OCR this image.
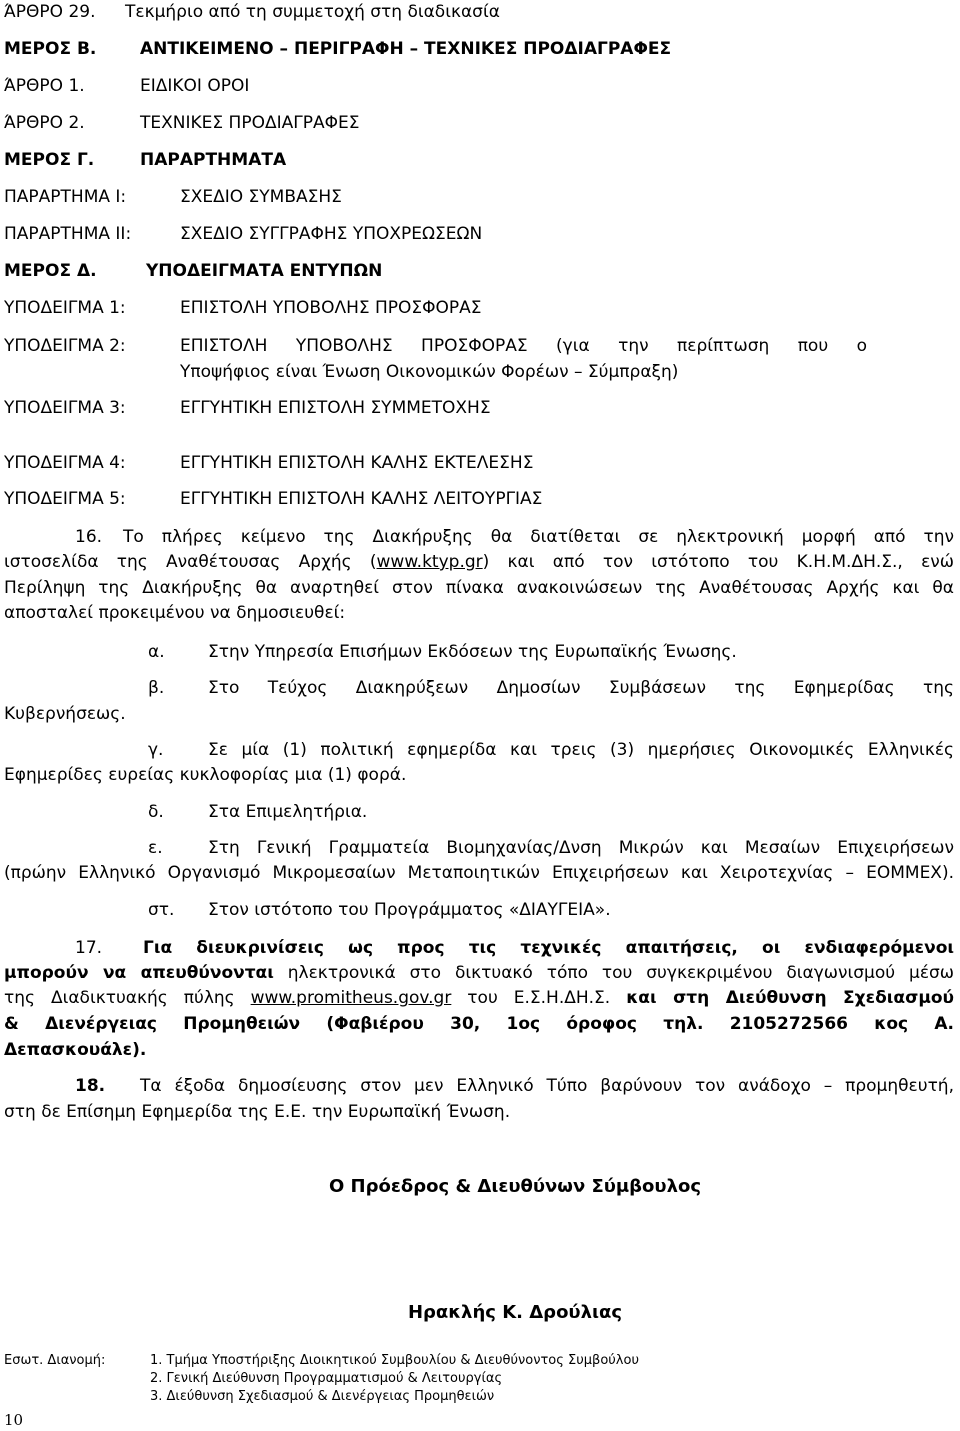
ΆΡΘΡΟ 29. Τεκμήριο από τη συμμετοχή στη διαδικασία
ΜΕΡΟΣ Β.	ΑΝΤΙΚΕΙΜΕΝΟ – ΠΕΡΙΓΡΑΦΗ – ΤΕΧΝΙΚΕΣ ΠΡΟΔΙΑΓΡΑΦΕΣ
ΆΡΘΡΟ 1.	ΕΙΔΙΚΟΙ ΟΡΟΙ
ΆΡΘΡΟ 2.	ΤΕΧΝΙΚΕΣ ΠΡΟΔΙΑΓΡΑΦΕΣ
ΜΕΡΟΣ Γ.	ΠΑΡΑΡΤΗΜΑΤΑ
ΠΑΡΑΡΤΗΜΑ Ι:	ΣΧΕΔΙΟ ΣΥΜΒΑΣΗΣ
ΠΑΡΑΡΤΗΜΑ ΙΙ:	ΣΧΕΔΙΟ ΣΥΓΓΡΑΦΗΣ ΥΠΟΧΡΕΩΣΕΩΝ
ΜΕΡΟΣ Δ.	ΥΠΟΔΕΙΓΜΑΤΑ ΕΝΤΥΠΩΝ
ΥΠΟΔΕΙΓΜΑ 1:	ΕΠΙΣΤΟΛΗ ΥΠΟΒΟΛΗΣ ΠΡΟΣΦΟΡΑΣ
ΥΠΟΔΕΙΓΜΑ 2:	ΕΠΙΣΤΟΛΗ ΥΠΟΒΟΛΗΣ ΠΡΟΣΦΟΡΑΣ (για την περίπτωση που ο
Υποψήφιος είναι Ένωση Οικονομικών Φορέων – Σύμπραξη)
ΥΠΟΔΕΙΓΜΑ 3:	ΕΓΓΥΗΤΙΚΗ ΕΠΙΣΤΟΛΗ ΣΥΜΜΕΤΟΧΗΣ
ΥΠΟΔΕΙΓΜΑ 4:	ΕΓΓΥΗΤΙΚΗ ΕΠΙΣΤΟΛΗ ΚΑΛΗΣ ΕΚΤΕΛΕΣΗΣ
ΥΠΟΔΕΙΓΜΑ 5:	ΕΓΓΥΗΤΙΚΗ ΕΠΙΣΤΟΛΗ ΚΑΛΗΣ ΛΕΙΤΟΥΡΓΙΑΣ
16. Το πλήρες κείμενο της Διακήρυξης θα διατίθεται σε ηλεκτρονική μορφή από την
ιστοσελίδα της Αναθέτουσας Αρχής (www.ktyp.gr) και από τον ιστότοπο του Κ.Η.Μ.ΔΗ.Σ., ενώ
Περίληψη της Διακήρυξης θα αναρτηθεί στον πίνακα ανακοινώσεων της Αναθέτουσας Αρχής και θα
αποσταλεί προκειμένου να δημοσιευθεί:
α.	Στην Υπηρεσία Επισήμων Εκδόσεων της Ευρωπαϊκής Ένωσης.
β.	Στο Τεύχος Διακηρύξεων Δημοσίων Συμβάσεων της Εφημερίδας της
Κυβερνήσεως.
γ.	Σε μία (1) πολιτική εφημερίδα και τρεις (3) ημερήσιες Οικονομικές Ελληνικές
Εφημερίδες ευρείας κυκλοφορίας μια (1) φορά.
δ.	Στα Επιμελητήρια.
ε.	Στη Γενική Γραμματεία Βιομηχανίας/Δνση Μικρών και Μεσαίων Επιχειρήσεων
(πρώην Ελληνικό Οργανισμό Μικρομεσαίων Μεταποιητικών Επιχειρήσεων και Χειροτεχνίας – ΕΟΜΜΕΧ).
στ. Στον ιστότοπο του Προγράμματος «ΔΙΑΥΓΕΙΑ».
17. Για διευκρινίσεις ως προς τις τεχνικές απαιτήσεις, οι ενδιαφερόμενοι
μπορούν να απευθύνονται ηλεκτρονικά στο δικτυακό τόπο του συγκεκριμένου διαγωνισμού μέσω
της Διαδικτυακής πύλης www.promitheus.gov.gr του Ε.Σ.Η.ΔΗ.Σ. και στη Διεύθυνση Σχεδιασμού
& Διενέργειας Προμηθειών (Φαβιέρου 30, 1ος όροφος τηλ. 2105272566 κος Α.
Δεπασκουάλε).
18. Τα έξοδα δημοσίευσης στον μεν Ελληνικό Τύπο βαρύνουν τον ανάδοχο – προμηθευτή,
στη δε Επίσημη Εφημερίδα της Ε.Ε. την Ευρωπαϊκή Ένωση.
Ο Πρόεδρος & Διευθύνων Σύμβουλος
Ηρακλής Κ. Δρούλιας
Εσωτ. Διανομή:	1. Τμήμα Υποστήριξης Διοικητικού Συμβουλίου & Διευθύνοντος Συμβούλου
2. Γενική Διεύθυνση Προγραμματισμού & Λειτουργίας
3. Διεύθυνση Σχεδιασμού & Διενέργειας Προμηθειών
10
